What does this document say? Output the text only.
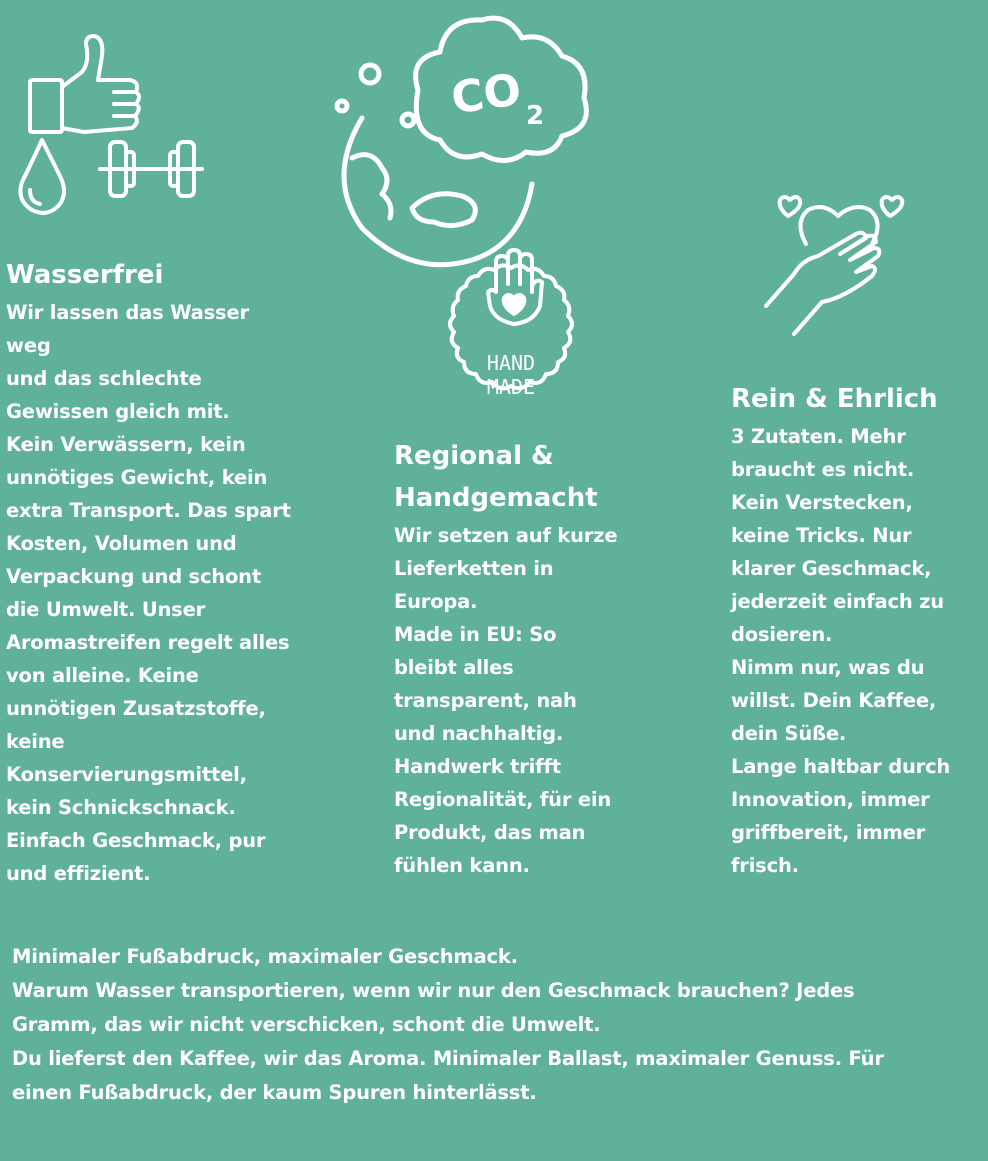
CO 2
HAND
MADE
Wasserfrei

Wir lassen das Wasser
weg
und das schlechte
Gewissen gleich mit.
Kein Verwässern, kein
unnötiges Gewicht, kein
extra Transport. Das spart
Kosten, Volumen und
Verpackung und schont
die Umwelt. Unser
Aromastreifen regelt alles
von alleine. Keine
unnötigen Zusatzstoffe,
keine
Konservierungsmittel,
kein Schnickschnack.
Einfach Geschmack, pur
und effizient.

Regional &
Handgemacht

Wir setzen auf kurze
Lieferketten in
Europa.
Made in EU: So
bleibt alles
transparent, nah
und nachhaltig.
Handwerk trifft
Regionalität, für ein
Produkt, das man
fühlen kann.

Rein & Ehrlich

3 Zutaten. Mehr
braucht es nicht.
Kein Verstecken,
keine Tricks. Nur
klarer Geschmack,
jederzeit einfach zu
dosieren.
Nimm nur, was du
willst. Dein Kaffee,
dein Süße.
Lange haltbar durch
Innovation, immer
griffbereit, immer
frisch.

Minimaler Fußabdruck, maximaler Geschmack.
Warum Wasser transportieren, wenn wir nur den Geschmack brauchen? Jedes
Gramm, das wir nicht verschicken, schont die Umwelt.
Du lieferst den Kaffee, wir das Aroma. Minimaler Ballast, maximaler Genuss. Für
einen Fußabdruck, der kaum Spuren hinterlässt.
